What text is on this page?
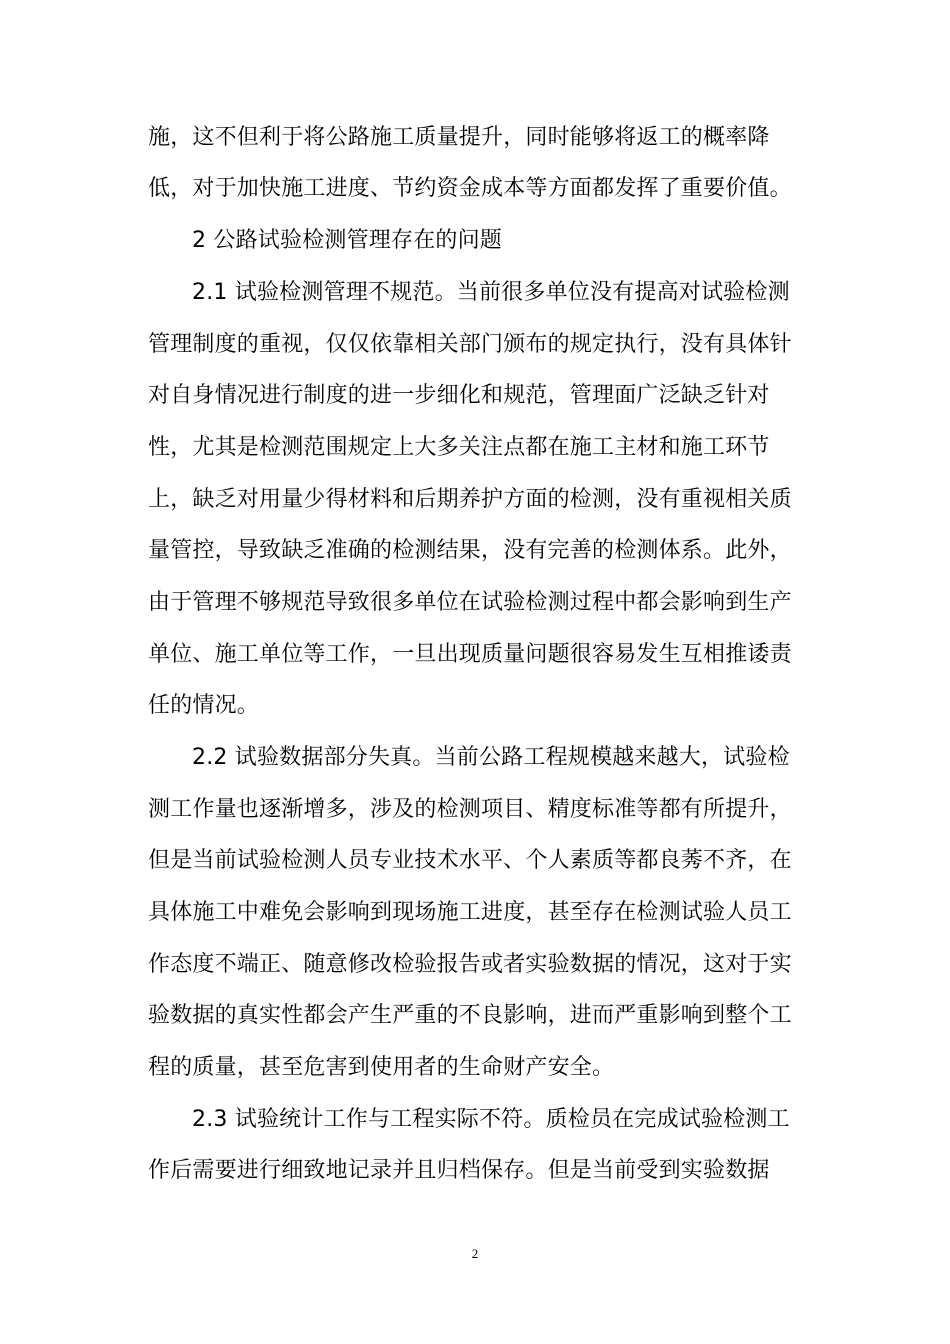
施，这不但利于将公路施工质量提升，同时能够将返工的概率降
低，对于加快施工进度、节约资金成本等方面都发挥了重要价值。
2 公路试验检测管理存在的问题
2.1 试验检测管理不规范。当前很多单位没有提高对试验检测
管理制度的重视，仅仅依靠相关部门颁布的规定执行，没有具体针
对自身情况进行制度的进一步细化和规范，管理面广泛缺乏针对
性，尤其是检测范围规定上大多关注点都在施工主材和施工环节
上，缺乏对用量少得材料和后期养护方面的检测，没有重视相关质
量管控，导致缺乏准确的检测结果，没有完善的检测体系。此外，
由于管理不够规范导致很多单位在试验检测过程中都会影响到生产
单位、施工单位等工作，一旦出现质量问题很容易发生互相推诿责
任的情况。
2.2 试验数据部分失真。当前公路工程规模越来越大，试验检
测工作量也逐渐增多，涉及的检测项目、精度标准等都有所提升，
但是当前试验检测人员专业技术水平、个人素质等都良莠不齐，在
具体施工中难免会影响到现场施工进度，甚至存在检测试验人员工
作态度不端正、随意修改检验报告或者实验数据的情况，这对于实
验数据的真实性都会产生严重的不良影响，进而严重影响到整个工
程的质量，甚至危害到使用者的生命财产安全。
2.3 试验统计工作与工程实际不符。质检员在完成试验检测工
作后需要进行细致地记录并且归档保存。但是当前受到实验数据
2
